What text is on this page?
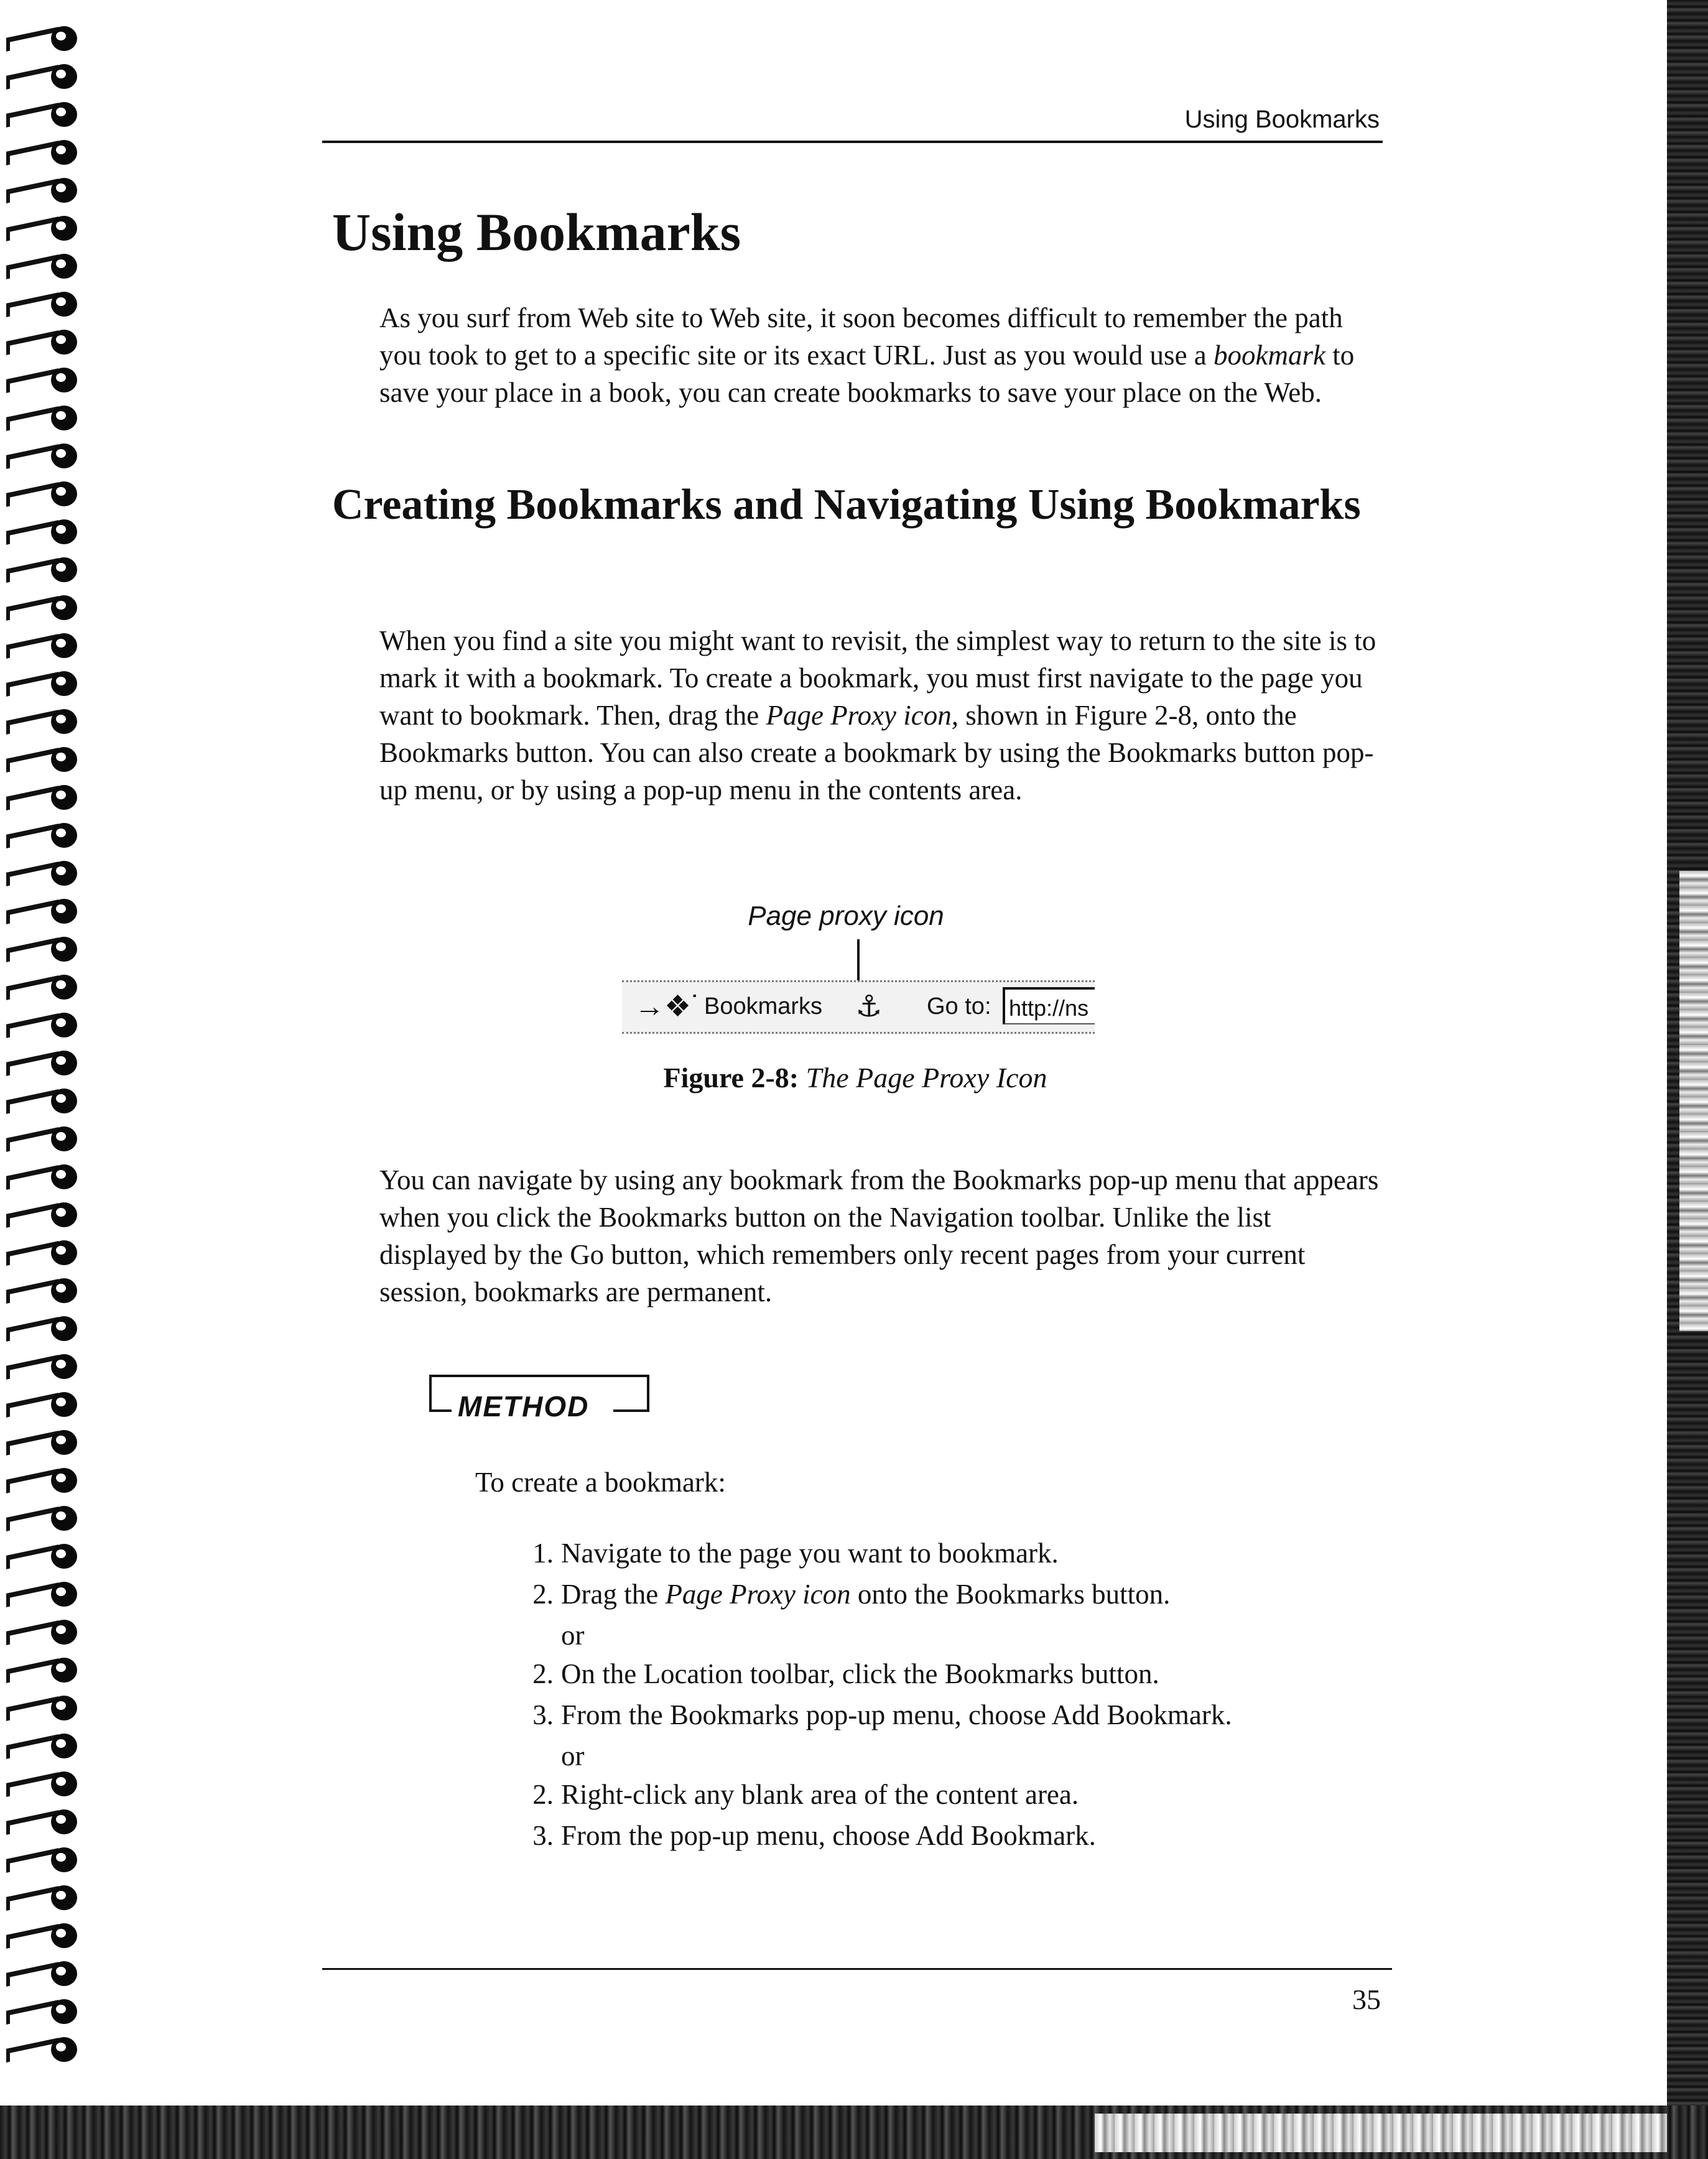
Using Bookmarks
Using Bookmarks

As you surf from Web site to Web site, it soon becomes difficult to remember the path you took to get to a specific site or its exact URL. Just as you would use a bookmark to save your place in a book, you can create bookmarks to save your place on the Web.

Creating Bookmarks and Navigating Using Bookmarks

When you find a site you might want to revisit, the simplest way to return to the site is to mark it with a bookmark. To create a bookmark, you must first navigate to the page you want to bookmark. Then, drag the Page Proxy icon, shown in Figure 2-8, onto the Bookmarks button. You can also create a bookmark by using the Bookmarks button pop-up menu, or by using a pop-up menu in the contents area.

Page proxy icon
→❖˙ Bookmarks ⚓	Go to: http://ns
Figure 2-8: The Page Proxy Icon

You can navigate by using any bookmark from the Bookmarks pop-up menu that appears when you click the Bookmarks button on the Navigation toolbar. Unlike the list displayed by the Go button, which remembers only recent pages from your current session, bookmarks are permanent.

METHOD
To create a bookmark:
1. Navigate to the page you want to bookmark.
2. Drag the Page Proxy icon onto the Bookmarks button.
or
2. On the Location toolbar, click the Bookmarks button.
3. From the Bookmarks pop-up menu, choose Add Bookmark.
or
2. Right-click any blank area of the content area.
3. From the pop-up menu, choose Add Bookmark.
35
